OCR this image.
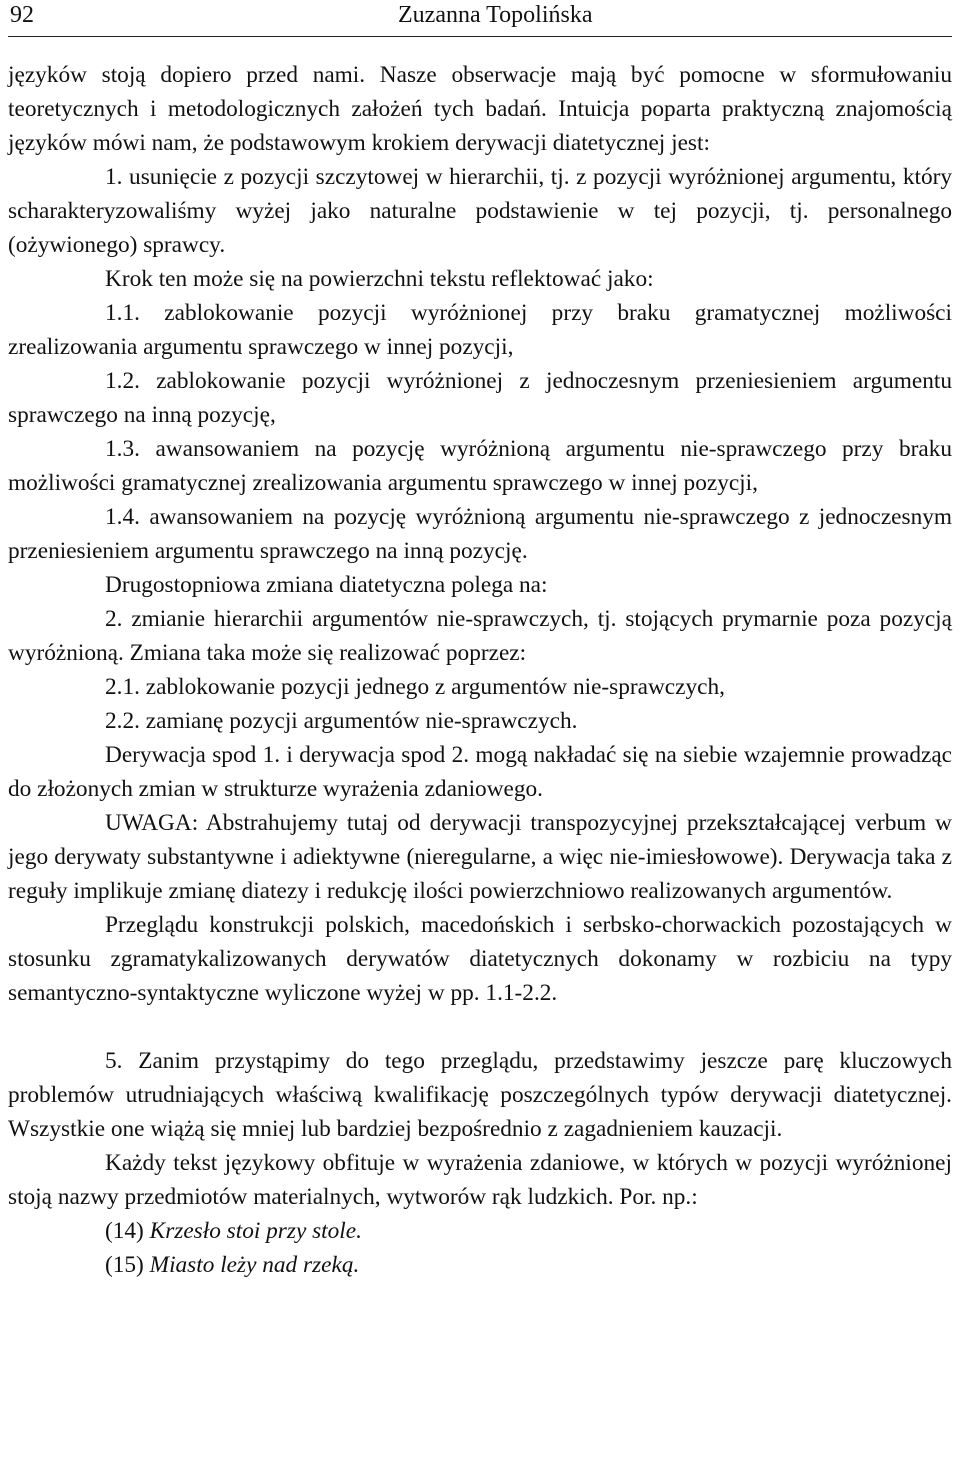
92	Zuzanna Topolińska

języków stoją dopiero przed nami. Nasze obserwacje mają być pomocne w sformułowaniu teoretycznych i metodologicznych założeń tych badań. Intuicja poparta praktyczną znajomością języków mówi nam, że podstawowym krokiem derywacji diatetycznej jest:

1. usunięcie z pozycji szczytowej w hierarchii, tj. z pozycji wyróżnionej argumentu, który scharakteryzowaliśmy wyżej jako naturalne podstawienie w tej pozycji, tj. personalnego (ożywionego) sprawcy.

Krok ten może się na powierzchni tekstu reflektować jako:

1.1. zablokowanie pozycji wyróżnionej przy braku gramatycznej możliwości zrealizowania argumentu sprawczego w innej pozycji,

1.2. zablokowanie pozycji wyróżnionej z jednoczesnym przeniesieniem argumentu sprawczego na inną pozycję,

1.3. awansowaniem na pozycję wyróżnioną argumentu nie-sprawczego przy braku możliwości gramatycznej zrealizowania argumentu sprawczego w innej pozycji,

1.4. awansowaniem na pozycję wyróżnioną argumentu nie-sprawczego z jednoczesnym przeniesieniem argumentu sprawczego na inną pozycję.

Drugostopniowa zmiana diatetyczna polega na:

2. zmianie hierarchii argumentów nie-sprawczych, tj. stojących prymarnie poza pozycją wyróżnioną. Zmiana taka może się realizować poprzez:

2.1. zablokowanie pozycji jednego z argumentów nie-sprawczych,

2.2. zamianę pozycji argumentów nie-sprawczych.

Derywacja spod 1. i derywacja spod 2. mogą nakładać się na siebie wzajemnie prowadząc do złożonych zmian w strukturze wyrażenia zdaniowego.

UWAGA: Abstrahujemy tutaj od derywacji transpozycyjnej przekształcającej verbum w jego derywaty substantywne i adiektywne (nieregularne, a więc nie-imiesłowowe). Derywacja taka z reguły implikuje zmianę diatezy i redukcję ilości powierzchniowo realizowanych argumentów.

Przeglądu konstrukcji polskich, macedońskich i serbsko-chorwackich pozostających w stosunku zgramatykalizowanych derywatów diatetycznych dokonamy w rozbiciu na typy semantyczno-syntaktyczne wyliczone wyżej w pp. 1.1-2.2.

5. Zanim przystąpimy do tego przeglądu, przedstawimy jeszcze parę kluczowych problemów utrudniających właściwą kwalifikację poszczególnych typów derywacji diatetycznej. Wszystkie one wiążą się mniej lub bardziej bezpośrednio z zagadnieniem kauzacji.

Każdy tekst językowy obfituje w wyrażenia zdaniowe, w których w pozycji wyróżnionej stoją nazwy przedmiotów materialnych, wytworów rąk ludzkich. Por. np.:

(14) Krzesło stoi przy stole.

(15) Miasto leży nad rzeką.
